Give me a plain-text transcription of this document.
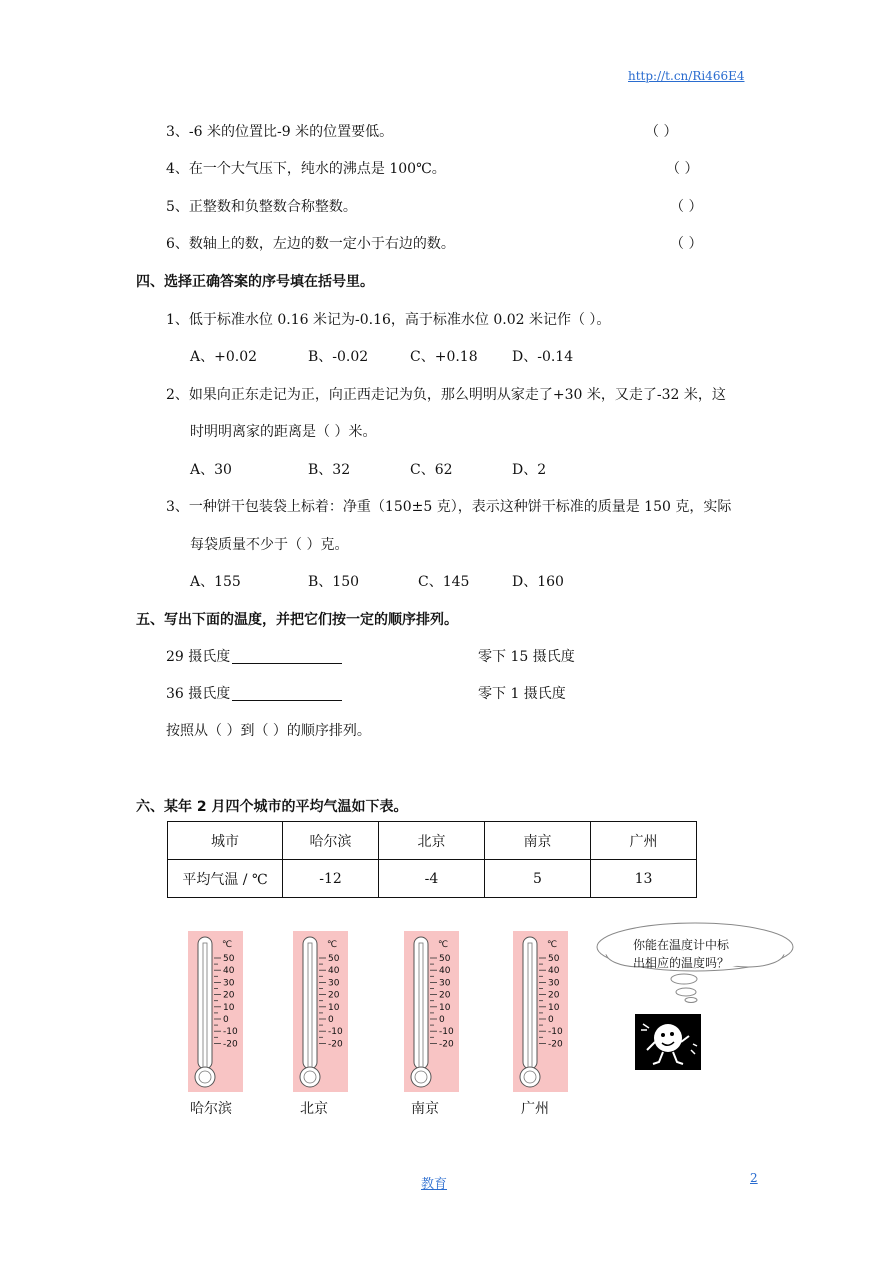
http://t.cn/Ri466E4
3、-6 米的位置比-9 米的位置要低。	（ ）
4、在一个大气压下，纯水的沸点是 100℃。	（ ）
5、正整数和负整数合称整数。	（ ）
6、数轴上的数，左边的数一定小于右边的数。	（ ）
四、选择正确答案的序号填在括号里。
1、低于标准水位 0.16 米记为-0.16，高于标准水位 0.02 米记作（ ）。
A、+0.02	B、-0.02	C、+0.18 D、-0.14
2、如果向正东走记为正，向正西走记为负，那么明明从家走了+30 米，又走了-32 米，这
时明明离家的距离是（ ）米。
A、30	B、32	C、62	D、2
3、一种饼干包装袋上标着：净重（150±5 克），表示这种饼干标准的质量是 150 克，实际
每袋质量不少于（ ）克。
A、155	B、150	C、145	D、160
五、写出下面的温度，并把它们按一定的顺序排列。
29 摄氏度	零下 15 摄氏度
36 摄氏度	零下 1 摄氏度
按照从（ ）到（ ）的顺序排列。
六、某年 2 月四个城市的平均气温如下表。
城市	哈尔滨	北京	南京	广州
平均气温 / ℃	-12	-4	5	13
℃
50
40
30
20
10
0
-10
-20
哈尔滨
℃
50
40
30
20
10
0
-10
-20
北京
℃
50
40
30
20
10
0
-10
-20
南京
℃
50
40
30
20
10
0
-10
-20
广州
你能在温度计中标
出相应的温度吗？
教育	2
